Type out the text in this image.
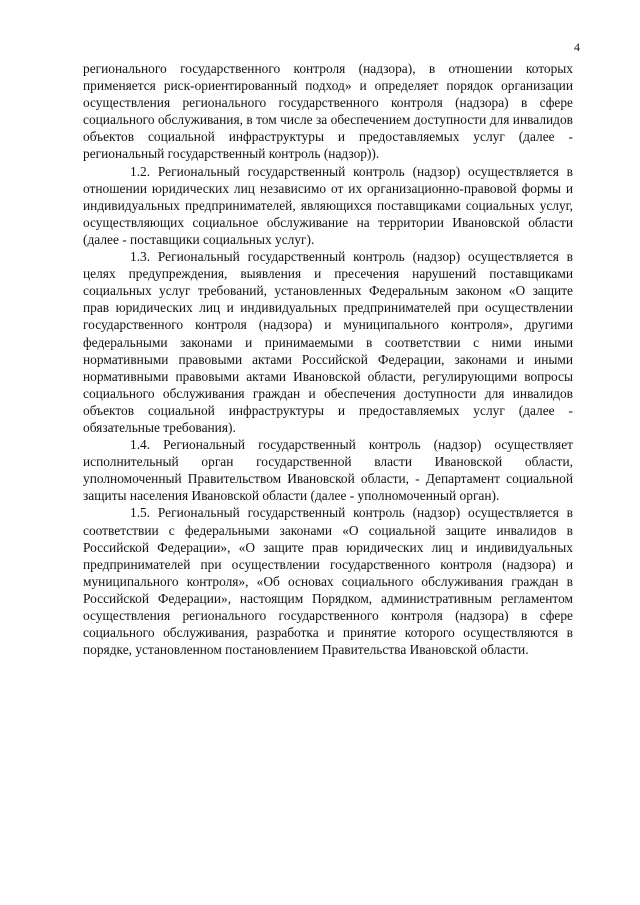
4

регионального государственного контроля (надзора), в отношении которых применяется риск-ориентированный подход» и определяет порядок организации осуществления регионального государственного контроля (надзора) в сфере социального обслуживания, в том числе за обеспечением доступности для инвалидов объектов социальной инфраструктуры и предоставляемых услуг (далее - региональный государственный контроль (надзор)).

1.2. Региональный государственный контроль (надзор) осуществляется в отношении юридических лиц независимо от их организационно-правовой формы и индивидуальных предпринимателей, являющихся поставщиками социальных услуг, осуществляющих социальное обслуживание на территории Ивановской области (далее - поставщики социальных услуг).

1.3. Региональный государственный контроль (надзор) осуществляется в целях предупреждения, выявления и пресечения нарушений поставщиками социальных услуг требований, установленных Федеральным законом «О защите прав юридических лиц и индивидуальных предпринимателей при осуществлении государственного контроля (надзора) и муниципального контроля», другими федеральными законами и принимаемыми в соответствии с ними иными нормативными правовыми актами Российской Федерации, законами и иными нормативными правовыми актами Ивановской области, регулирующими вопросы социального обслуживания граждан и обеспечения доступности для инвалидов объектов социальной инфраструктуры и предоставляемых услуг (далее - обязательные требования).

1.4. Региональный государственный контроль (надзор) осуществляет исполнительный орган государственной власти Ивановской области, уполномоченный Правительством Ивановской области, - Департамент социальной защиты населения Ивановской области (далее - уполномоченный орган).

1.5. Региональный государственный контроль (надзор) осуществляется в соответствии с федеральными законами «О социальной защите инвалидов в Российской Федерации», «О защите прав юридических лиц и индивидуальных предпринимателей при осуществлении государственного контроля (надзора) и муниципального контроля», «Об основах социального обслуживания граждан в Российской Федерации», настоящим Порядком, административным регламентом осуществления регионального государственного контроля (надзора) в сфере социального обслуживания, разработка и принятие которого осуществляются в порядке, установленном постановлением Правительства Ивановской области.
